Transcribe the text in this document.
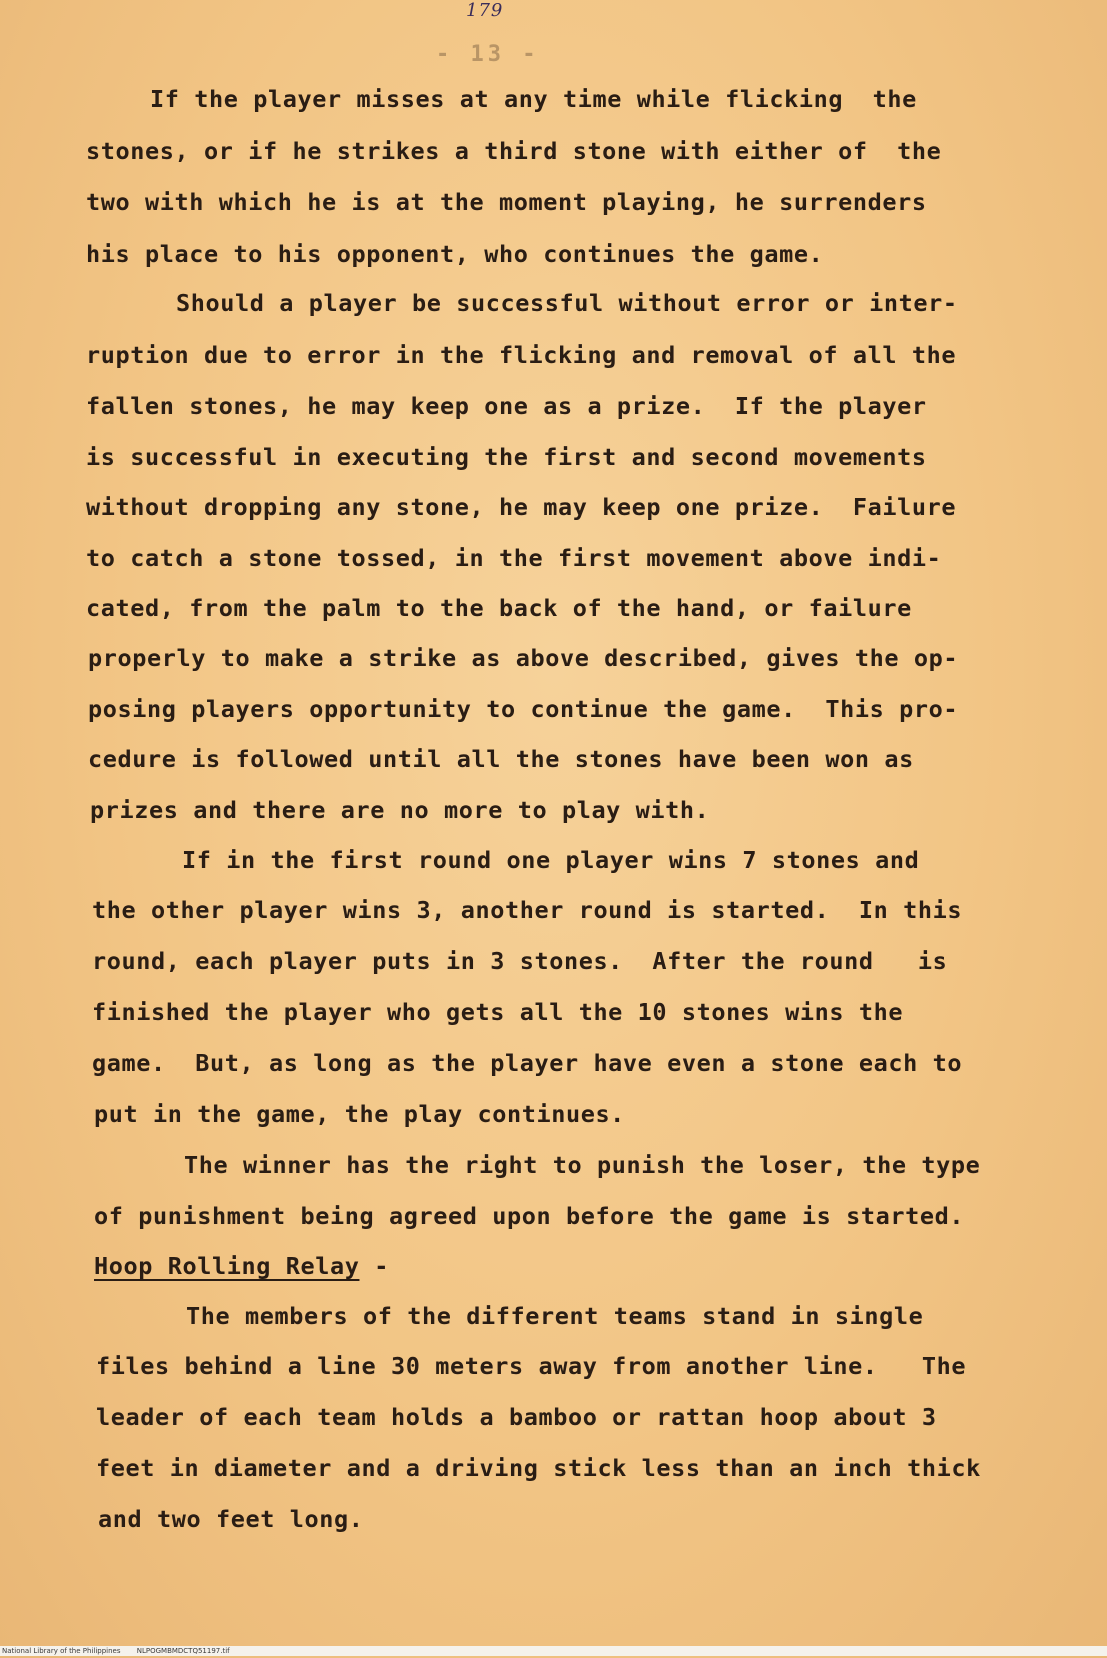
179
- 13 -
If the player misses at any time while flicking  the
stones, or if he strikes a third stone with either of  the
two with which he is at the moment playing, he surrenders
his place to his opponent, who continues the game.
Should a player be successful without error or inter-
ruption due to error in the flicking and removal of all the
fallen stones, he may keep one as a prize.  If the player
is successful in executing the first and second movements
without dropping any stone, he may keep one prize.  Failure
to catch a stone tossed, in the first movement above indi-
cated, from the palm to the back of the hand, or failure
properly to make a strike as above described, gives the op-
posing players opportunity to continue the game.  This pro-
cedure is followed until all the stones have been won as
prizes and there are no more to play with.
If in the first round one player wins 7 stones and
the other player wins 3, another round is started.  In this
round, each player puts in 3 stones.  After the round   is
finished the player who gets all the 10 stones wins the
game.  But, as long as the player have even a stone each to
put in the game, the play continues.
The winner has the right to punish the loser, the type
of punishment being agreed upon before the game is started.
Hoop Rolling Relay -
The members of the different teams stand in single
files behind a line 30 meters away from another line.   The
leader of each team holds a bamboo or rattan hoop about 3
feet in diameter and a driving stick less than an inch thick
and two feet long.
National Library of the Philippines NLPOGMBMDCTQ51197.tif
